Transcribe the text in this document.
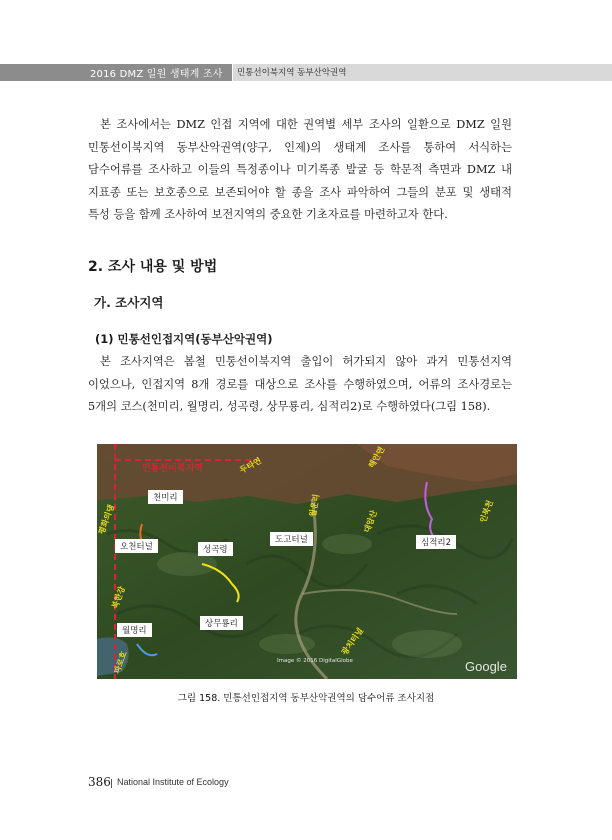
2016 DMZ 일원 생태계 조사 민통선이북지역 동부산악권역
본 조사에서는 DMZ 인접 지역에 대한 권역별 세부 조사의 일환으로 DMZ 일원
민통선이북지역 동부산악권역(양구, 인제)의 생태계 조사를 통하여 서식하는
담수어류를 조사하고 이들의 특정종이나 미기록종 발굴 등 학문적 측면과 DMZ 내
지표종 또는 보호종으로 보존되어야 할 종을 조사 파악하여 그들의 분포 및 생태적
특성 등을 함께 조사하여 보전지역의 중요한 기초자료를 마련하고자 한다.
2. 조사 내용 및 방법
가. 조사지역
(1) 민통선인접지역(동부산악권역)
본 조사지역은 봄철 민통선이북지역 출입이 허가되지 않아 과거 민통선지역
이었으나, 인접지역 8개 경로를 대상으로 조사를 수행하였으며, 어류의 조사경로는
5개의 코스(천미리, 월명리, 성곡령, 상무룡리, 심적리2)로 수행하였다(그림 158).
민통선이북지역
천미리
오천터널	성곡령
도고터널	심적리2
상무룡리
월명리
두타연	해안면
평화의댐	월운리
대암산	인북천
북한강
파로호
광치터널
Image © 2016 DigitalGlobe	Google
그림 158. 민통선인접지역 동부산악권역의 담수어류 조사지점
386 National Institute of Ecology
